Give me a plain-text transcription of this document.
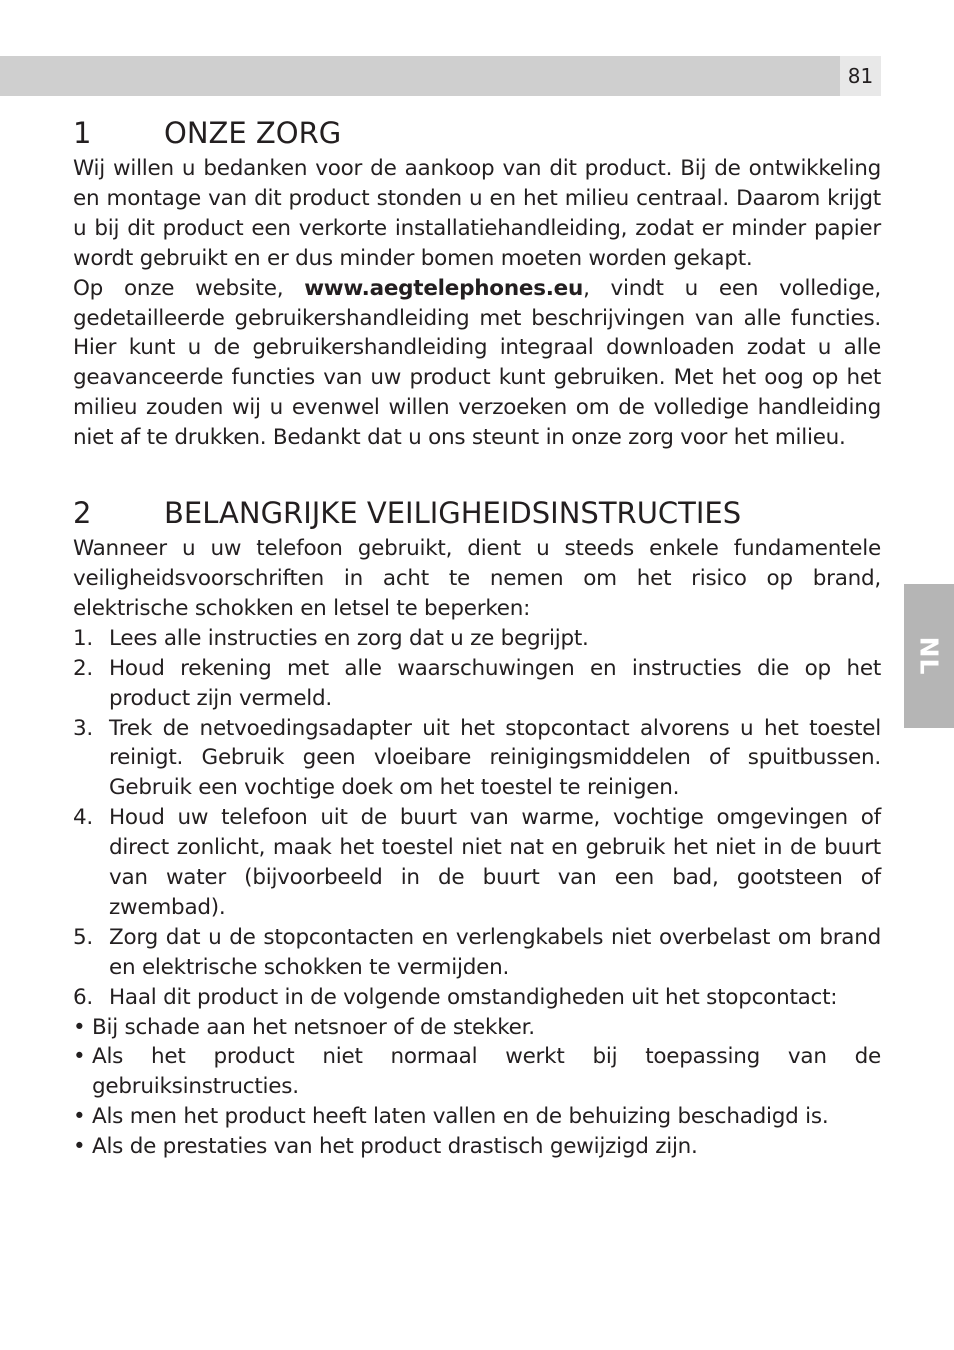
81
NL
1	ONZE ZORG

Wij willen u bedanken voor de aankoop van dit product. Bij de ontwikkeling en montage van dit product stonden u en het milieu centraal. Daarom krijgt u bij dit product een verkorte installatiehandleiding, zodat er minder papier wordt gebruikt en er dus minder bomen moeten worden gekapt.

Op onze website, www.aegtelephones.eu, vindt u een volledige, gedetailleerde gebruikershandleiding met beschrijvingen van alle functies. Hier kunt u de gebruikershandleiding integraal downloaden zodat u alle geavanceerde functies van uw product kunt gebruiken. Met het oog op het milieu zouden wij u evenwel willen verzoeken om de volledige handleiding niet af te drukken. Bedankt dat u ons steunt in onze zorg voor het milieu.

2	BELANGRIJKE VEILIGHEIDSINSTRUCTIES

Wanneer u uw telefoon gebruikt, dient u steeds enkele fundamentele veiligheidsvoorschriften in acht te nemen om het risico op brand, elektrische schokken en letsel te beperken:

1. Lees alle instructies en zorg dat u ze begrijpt.
2. Houd rekening met alle waarschuwingen en instructies die op het product zijn vermeld.
3. Trek de netvoedingsadapter uit het stopcontact alvorens u het toestel reinigt. Gebruik geen vloeibare reinigingsmiddelen of spuitbussen. Gebruik een vochtige doek om het toestel te reinigen.
4. Houd uw telefoon uit de buurt van warme, vochtige omgevingen of direct zonlicht, maak het toestel niet nat en gebruik het niet in de buurt van water (bijvoorbeeld in de buurt van een bad, gootsteen of zwembad).
5. Zorg dat u de stopcontacten en verlengkabels niet overbelast om brand en elektrische schokken te vermijden.
6. Haal dit product in de volgende omstandigheden uit het stopcontact:
• Bij schade aan het netsnoer of de stekker.
• Als het product niet normaal werkt bij toepassing van de gebruiksinstructies.
• Als men het product heeft laten vallen en de behuizing beschadigd is.
• Als de prestaties van het product drastisch gewijzigd zijn.
